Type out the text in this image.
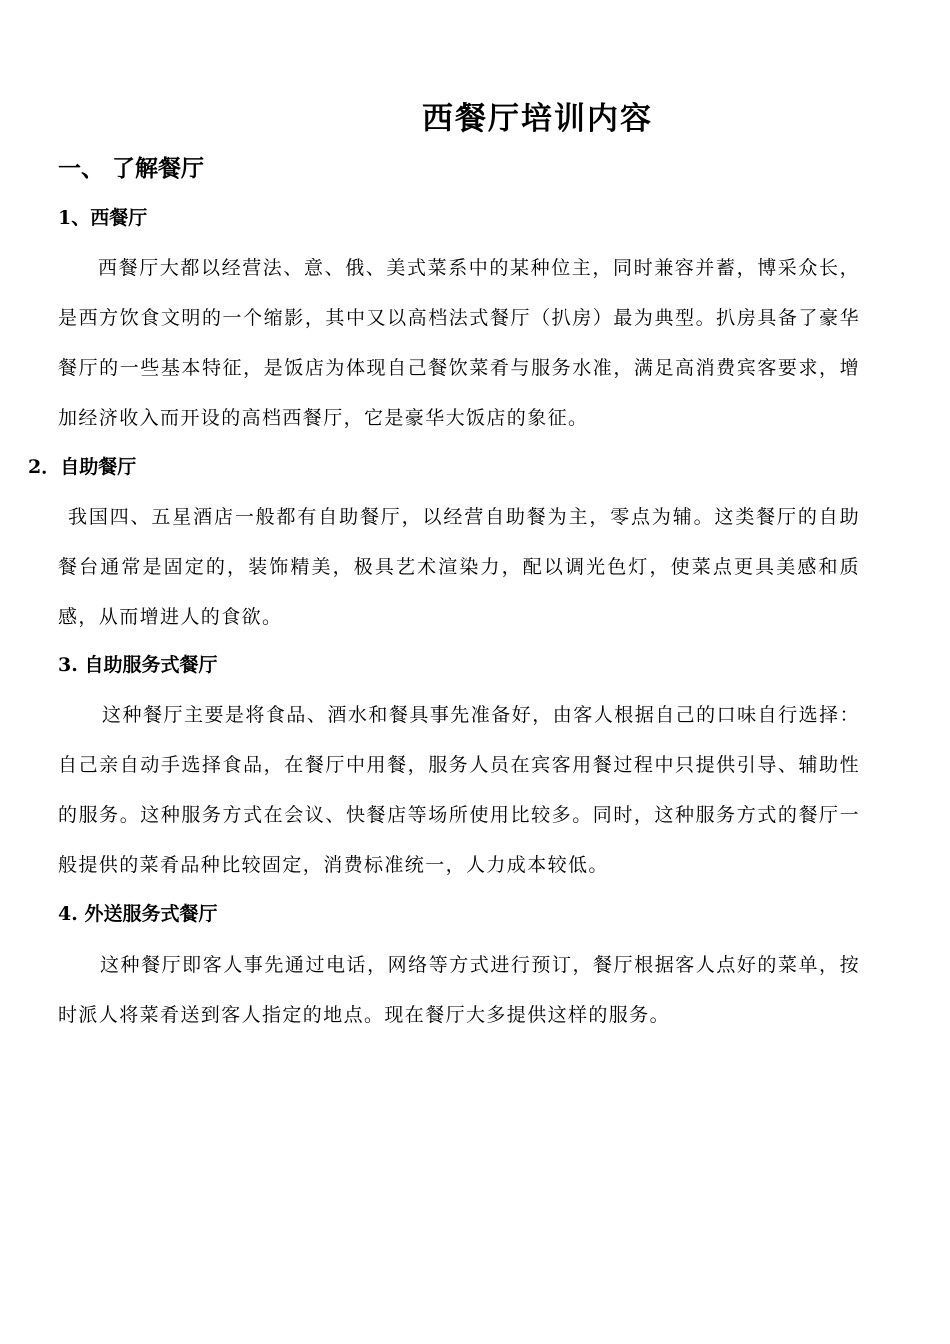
西餐厅培训内容
一、 了解餐厅
1、西餐厅

西餐厅大都以经营法、意、俄、美式菜系中的某种位主，同时兼容并蓄，博采众长，是西方饮食文明的一个缩影，其中又以高档法式餐厅（扒房）最为典型。扒房具备了豪华餐厅的一些基本特征，是饭店为体现自己餐饮菜肴与服务水准，满足高消费宾客要求，增加经济收入而开设的高档西餐厅，它是豪华大饭店的象征。

2．自助餐厅

我国四、五星酒店一般都有自助餐厅，以经营自助餐为主，零点为辅。这类餐厅的自助餐台通常是固定的，装饰精美，极具艺术渲染力，配以调光色灯，使菜点更具美感和质感，从而增进人的食欲。

3. 自助服务式餐厅

这种餐厅主要是将食品、酒水和餐具事先准备好，由客人根据自己的口味自行选择：自己亲自动手选择食品，在餐厅中用餐，服务人员在宾客用餐过程中只提供引导、辅助性的服务。这种服务方式在会议、快餐店等场所使用比较多。同时，这种服务方式的餐厅一般提供的菜肴品种比较固定，消费标准统一，人力成本较低。

4. 外送服务式餐厅

这种餐厅即客人事先通过电话，网络等方式进行预订，餐厅根据客人点好的菜单，按时派人将菜肴送到客人指定的地点。现在餐厅大多提供这样的服务。
